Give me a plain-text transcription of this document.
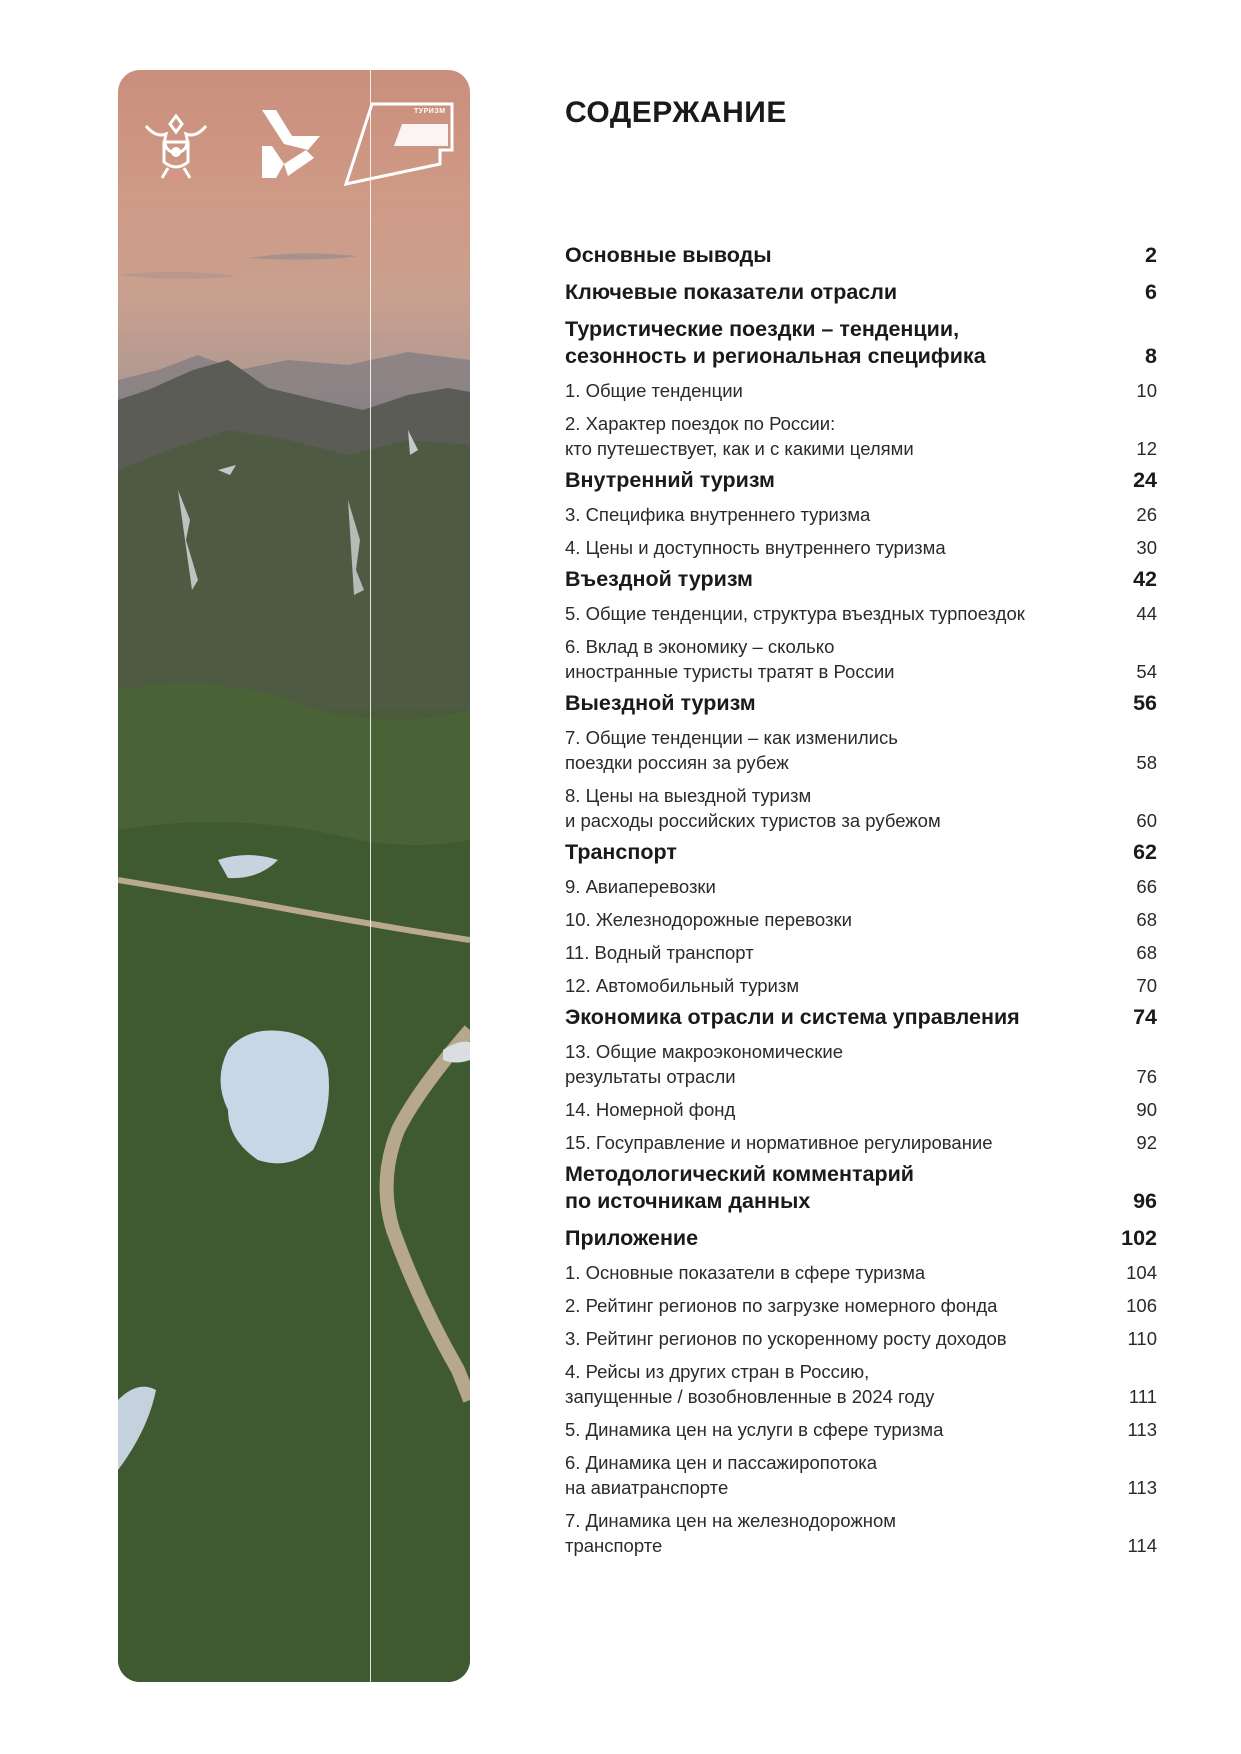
ТУРИЗМ	СОДЕРЖАНИЕ
Основные выводы	2
Ключевые показатели отрасли	6
Туристические поездки – тенденции,
сезонность и региональная специфика	8
1. Общие тенденции	10
2. Характер поездок по России:
кто путешествует, как и с какими целями	12
Внутренний туризм	24
3. Специфика внутреннего туризма	26
4. Цены и доступность внутреннего туризма	30
Въездной туризм	42
5. Общие тенденции, структура въездных турпоездок	44
6. Вклад в экономику – сколько
иностранные туристы тратят в России	54
Выездной туризм	56
7. Общие тенденции – как изменились
поездки россиян за рубеж	58
8. Цены на выездной туризм
и расходы российских туристов за рубежом	60
Транспорт	62
9. Авиаперевозки	66
10. Железнодорожные перевозки	68
11. Водный транспорт	68
12. Автомобильный туризм	70
Экономика отрасли и система управления	74
13. Общие макроэкономические
результаты отрасли	76
14. Номерной фонд	90
15. Госуправление и нормативное регулирование	92
Методологический комментарий
по источникам данных	96
Приложение	102
1. Основные показатели в сфере туризма	104
2. Рейтинг регионов по загрузке номерного фонда	106
3. Рейтинг регионов по ускоренному росту доходов	110
4. Рейсы из других стран в Россию,
запущенные / возобновленные в 2024 году	111
5. Динамика цен на услуги в сфере туризма	113
6. Динамика цен и пассажиропотока
на авиатранспорте	113
7. Динамика цен на железнодорожном
транспорте	114
